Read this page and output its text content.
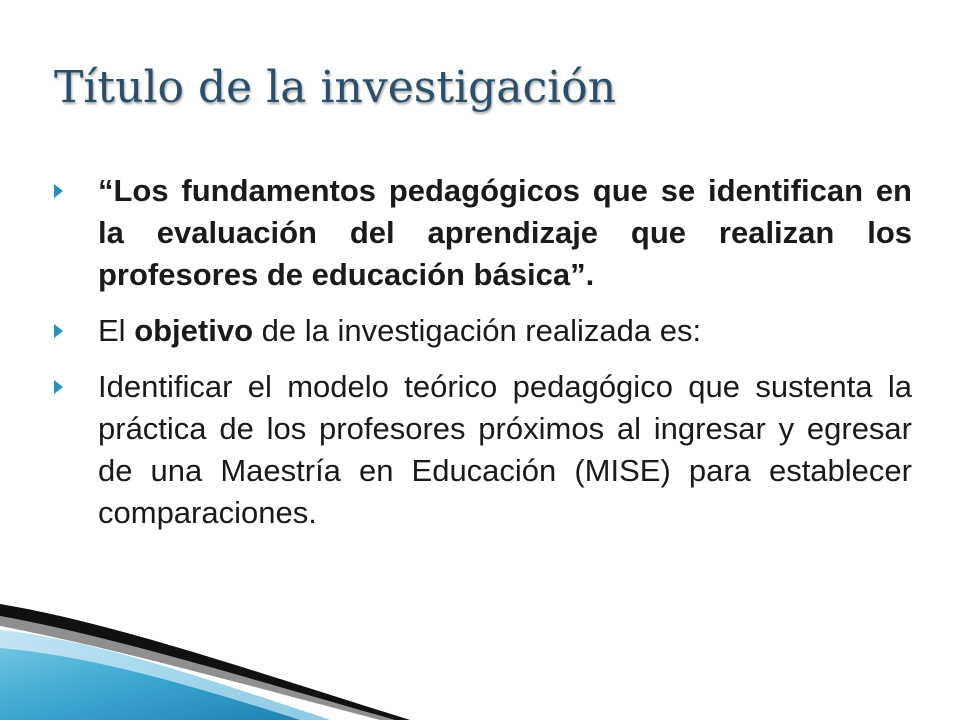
Título de la investigación
“Los fundamentos pedagógicos que se identifican en la evaluación del aprendizaje que realizan los profesores de educación básica”.
El objetivo de la investigación realizada es:
Identificar el modelo teórico pedagógico que sustenta la práctica de los profesores próximos al ingresar y egresar de una Maestría en Educación (MISE) para establecer comparaciones.
